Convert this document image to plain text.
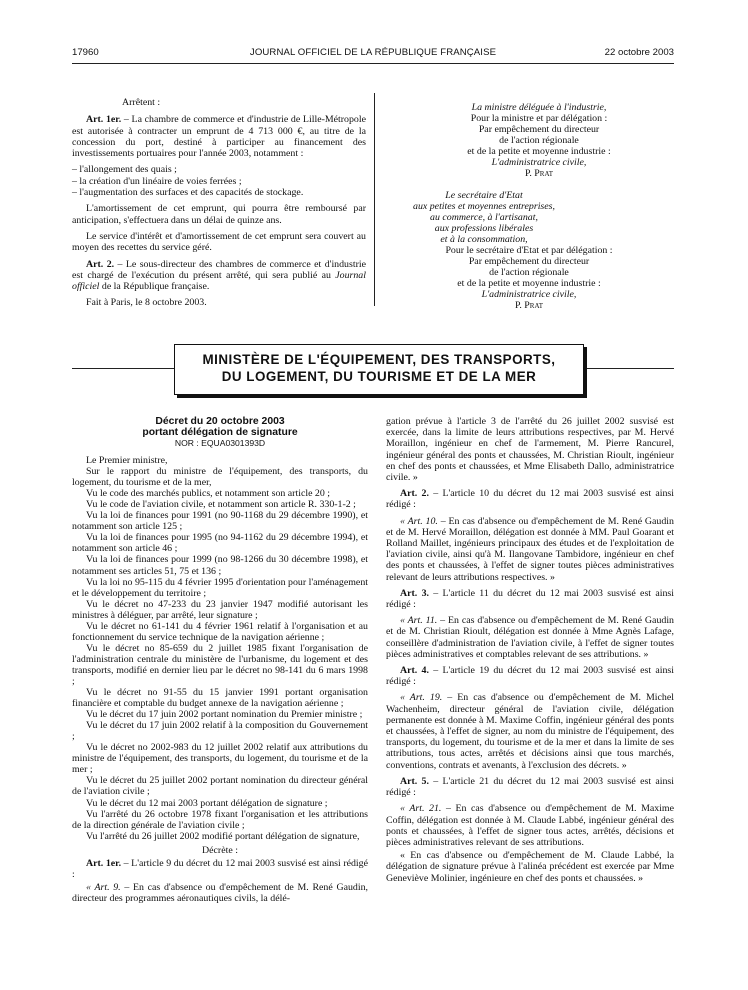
17960	JOURNAL OFFICIEL DE LA RÉPUBLIQUE FRANÇAISE	22 octobre 2003

Arrêtent :

Art. 1er. – La chambre de commerce et d'industrie de Lille-Métropole est autorisée à contracter un emprunt de 4 713 000 €, au titre de la concession du port, destiné à participer au financement des investissements portuaires pour l'année 2003, notamment :

– l'allongement des quais ;
– la création d'un linéaire de voies ferrées ;
– l'augmentation des surfaces et des capacités de stockage.

L'amortissement de cet emprunt, qui pourra être remboursé par anticipation, s'effectuera dans un délai de quinze ans.

Le service d'intérêt et d'amortissement de cet emprunt sera couvert au moyen des recettes du service géré.

Art. 2. – Le sous-directeur des chambres de commerce et d'industrie est chargé de l'exécution du présent arrêté, qui sera publié au Journal officiel de la République française.

Fait à Paris, le 8 octobre 2003.

La ministre déléguée à l'industrie,
Pour la ministre et par délégation :
Par empêchement du directeur
de l'action régionale
et de la petite et moyenne industrie :
L'administratrice civile,
P. Prat
Le secrétaire d'Etat
aux petites et moyennes entreprises,
au commerce, à l'artisanat,
aux professions libérales
et à la consommation,
Pour le secrétaire d'Etat et par délégation :
Par empêchement du directeur
de l'action régionale
et de la petite et moyenne industrie :
L'administratrice civile,
P. Prat
MINISTÈRE DE L'ÉQUIPEMENT, DES TRANSPORTS,
DU LOGEMENT, DU TOURISME ET DE LA MER
Décret du 20 octobre 2003
portant délégation de signature

NOR : EQUA0301393D

Le Premier ministre,

Sur le rapport du ministre de l'équipement, des transports, du logement, du tourisme et de la mer,

Vu le code des marchés publics, et notamment son article 20 ;

Vu le code de l'aviation civile, et notamment son article R. 330-1-2 ;

Vu la loi de finances pour 1991 (no 90-1168 du 29 décembre 1990), et notamment son article 125 ;

Vu la loi de finances pour 1995 (no 94-1162 du 29 décembre 1994), et notamment son article 46 ;

Vu la loi de finances pour 1999 (no 98-1266 du 30 décembre 1998), et notamment ses articles 51, 75 et 136 ;

Vu la loi no 95-115 du 4 février 1995 d'orientation pour l'aménagement et le développement du territoire ;

Vu le décret no 47-233 du 23 janvier 1947 modifié autorisant les ministres à déléguer, par arrêté, leur signature ;

Vu le décret no 61-141 du 4 février 1961 relatif à l'organisation et au fonctionnement du service technique de la navigation aérienne ;

Vu le décret no 85-659 du 2 juillet 1985 fixant l'organisation de l'administration centrale du ministère de l'urbanisme, du logement et des transports, modifié en dernier lieu par le décret no 98-141 du 6 mars 1998 ;

Vu le décret no 91-55 du 15 janvier 1991 portant organisation financière et comptable du budget annexe de la navigation aérienne ;

Vu le décret du 17 juin 2002 portant nomination du Premier ministre ;

Vu le décret du 17 juin 2002 relatif à la composition du Gouvernement ;

Vu le décret no 2002-983 du 12 juillet 2002 relatif aux attributions du ministre de l'équipement, des transports, du logement, du tourisme et de la mer ;

Vu le décret du 25 juillet 2002 portant nomination du directeur général de l'aviation civile ;

Vu le décret du 12 mai 2003 portant délégation de signature ;

Vu l'arrêté du 26 octobre 1978 fixant l'organisation et les attributions de la direction générale de l'aviation civile ;

Vu l'arrêté du 26 juillet 2002 modifié portant délégation de signature,

Décrète :

Art. 1er. – L'article 9 du décret du 12 mai 2003 susvisé est ainsi rédigé :

« Art. 9. – En cas d'absence ou d'empêchement de M. René Gaudin, directeur des programmes aéronautiques civils, la délé-

gation prévue à l'article 3 de l'arrêté du 26 juillet 2002 susvisé est exercée, dans la limite de leurs attributions respectives, par M. Hervé Moraillon, ingénieur en chef de l'armement, M. Pierre Rancurel, ingénieur général des ponts et chaussées, M. Christian Rioult, ingénieur en chef des ponts et chaussées, et Mme Elisabeth Dallo, administratrice civile. »

Art. 2. – L'article 10 du décret du 12 mai 2003 susvisé est ainsi rédigé :

« Art. 10. – En cas d'absence ou d'empêchement de M. René Gaudin et de M. Hervé Moraillon, délégation est donnée à MM. Paul Goarant et Rolland Maillet, ingénieurs principaux des études et de l'exploitation de l'aviation civile, ainsi qu'à M. Ilangovane Tambidore, ingénieur en chef des ponts et chaussées, à l'effet de signer toutes pièces administratives relevant de leurs attributions respectives. »

Art. 3. – L'article 11 du décret du 12 mai 2003 susvisé est ainsi rédigé :

« Art. 11. – En cas d'absence ou d'empêchement de M. René Gaudin et de M. Christian Rioult, délégation est donnée à Mme Agnès Lafage, conseillère d'administration de l'aviation civile, à l'effet de signer toutes pièces administratives et comptables relevant de ses attributions. »

Art. 4. – L'article 19 du décret du 12 mai 2003 susvisé est ainsi rédigé :

« Art. 19. – En cas d'absence ou d'empêchement de M. Michel Wachenheim, directeur général de l'aviation civile, délégation permanente est donnée à M. Maxime Coffin, ingénieur général des ponts et chaussées, à l'effet de signer, au nom du ministre de l'équipement, des transports, du logement, du tourisme et de la mer et dans la limite de ses attributions, tous actes, arrêtés et décisions ainsi que tous marchés, conventions, contrats et avenants, à l'exclusion des décrets. »

Art. 5. – L'article 21 du décret du 12 mai 2003 susvisé est ainsi rédigé :

« Art. 21. – En cas d'absence ou d'empêchement de M. Maxime Coffin, délégation est donnée à M. Claude Labbé, ingénieur général des ponts et chaussées, à l'effet de signer tous actes, arrêtés, décisions et pièces administratives relevant de ses attributions.

« En cas d'absence ou d'empêchement de M. Claude Labbé, la délégation de signature prévue à l'alinéa précédent est exercée par Mme Geneviève Molinier, ingénieure en chef des ponts et chaussées. »
